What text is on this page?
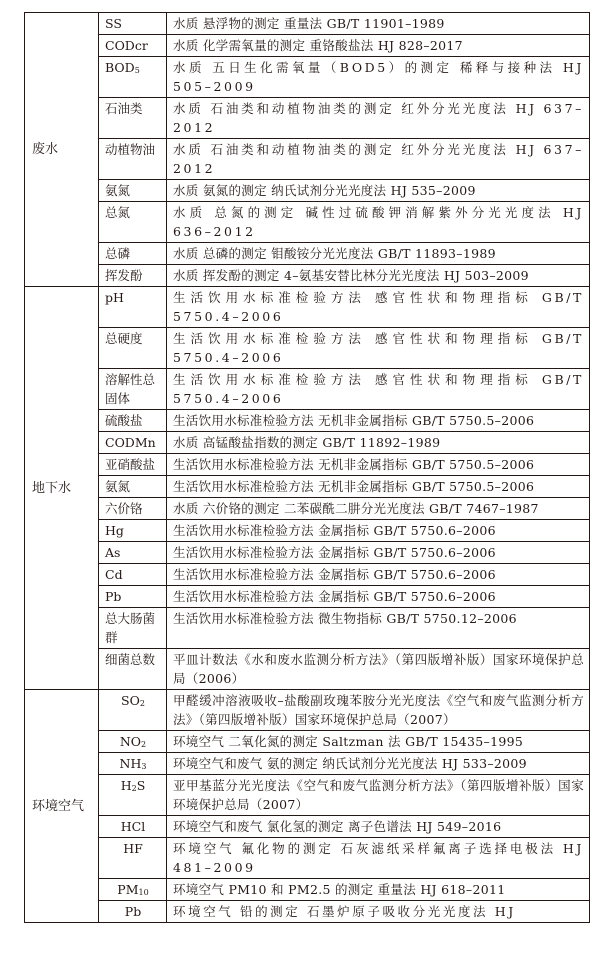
废水	SS	水质 悬浮物的测定 重量法 GB/T 11901–1989
	CODcr	水质 化学需氧量的测定 重铬酸盐法 HJ 828–2017
	$BOD_5$	水质 五日生化需氧量（BOD5）的测定 稀释与接种法 HJ 505–2009
	石油类	水质 石油类和动植物油类的测定 红外分光光度法 HJ 637–2012
	动植物油	水质 石油类和动植物油类的测定 红外分光光度法 HJ 637–2012
	氨氮	水质 氨氮的测定 纳氏试剂分光光度法 HJ 535–2009
	总氮	水质 总氮的测定 碱性过硫酸钾消解紫外分光光度法 HJ 636–2012
	总磷	水质 总磷的测定 钼酸铵分光光度法 GB/T 11893–1989
	挥发酚	水质 挥发酚的测定 4–氨基安替比林分光光度法 HJ 503–2009
地下水	pH	生活饮用水标准检验方法 感官性状和物理指标 GB/T 5750.4–2006
	总硬度	生活饮用水标准检验方法 感官性状和物理指标 GB/T 5750.4–2006
	溶解性总固体	生活饮用水标准检验方法 感官性状和物理指标 GB/T 5750.4–2006
	硫酸盐	生活饮用水标准检验方法 无机非金属指标 GB/T 5750.5–2006
	CODMn	水质 高锰酸盐指数的测定 GB/T 11892–1989
	亚硝酸盐	生活饮用水标准检验方法 无机非金属指标 GB/T 5750.5–2006
	氨氮	生活饮用水标准检验方法 无机非金属指标 GB/T 5750.5–2006
	六价铬	水质 六价铬的测定 二苯碳酰二肼分光光度法 GB/T 7467–1987
	Hg	生活饮用水标准检验方法 金属指标 GB/T 5750.6–2006
	As	生活饮用水标准检验方法 金属指标 GB/T 5750.6–2006
	Cd	生活饮用水标准检验方法 金属指标 GB/T 5750.6–2006
	Pb	生活饮用水标准检验方法 金属指标 GB/T 5750.6–2006
	总大肠菌群	生活饮用水标准检验方法 微生物指标 GB/T 5750.12–2006
	细菌总数	平皿计数法《水和废水监测分析方法》（第四版增补版）国家环境保护总局（2006）
环境空气	$SO_2$	甲醛缓冲溶液吸收–盐酸副玫瑰苯胺分光光度法《空气和废气监测分析方法》（第四版增补版）国家环境保护总局（2007）
	$NO_2$	环境空气 二氧化氮的测定 Saltzman 法 GB/T 15435–1995
	$NH_3$	环境空气和废气 氨的测定 纳氏试剂分光光度法 HJ 533–2009
	$H_2S$	亚甲基蓝分光光度法《空气和废气监测分析方法》（第四版增补版）国家环境保护总局（2007）
	HCl	环境空气和废气 氯化氢的测定 离子色谱法 HJ 549–2016
	HF	环境空气 氟化物的测定 石灰滤纸采样氟离子选择电极法 HJ 481–2009
	$PM_{10}$	环境空气 PM10 和 PM2.5 的测定 重量法 HJ 618–2011
	Pb	环境空气 铅的测定 石墨炉原子吸收分光光度法 HJ
